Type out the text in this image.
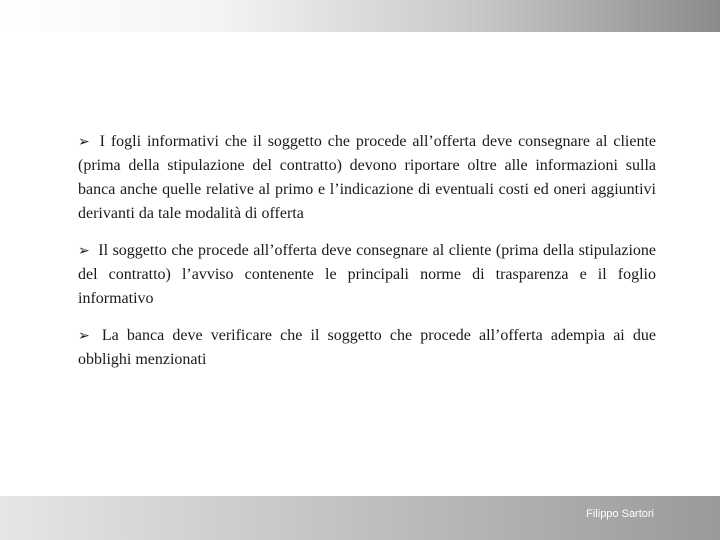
➢ I fogli informativi che il soggetto che procede all’offerta deve consegnare al cliente (prima della stipulazione del contratto) devono riportare oltre alle informazioni sulla banca anche quelle relative al primo e l’indicazione di eventuali costi ed oneri aggiuntivi derivanti da tale modalità di offerta

➢ Il soggetto che procede all’offerta deve consegnare al cliente (prima della stipulazione del contratto) l’avviso contenente le principali norme di trasparenza e il foglio informativo

➢ La banca deve verificare che il soggetto che procede all’offerta adempia ai due obblighi menzionati

Filippo Sartori
